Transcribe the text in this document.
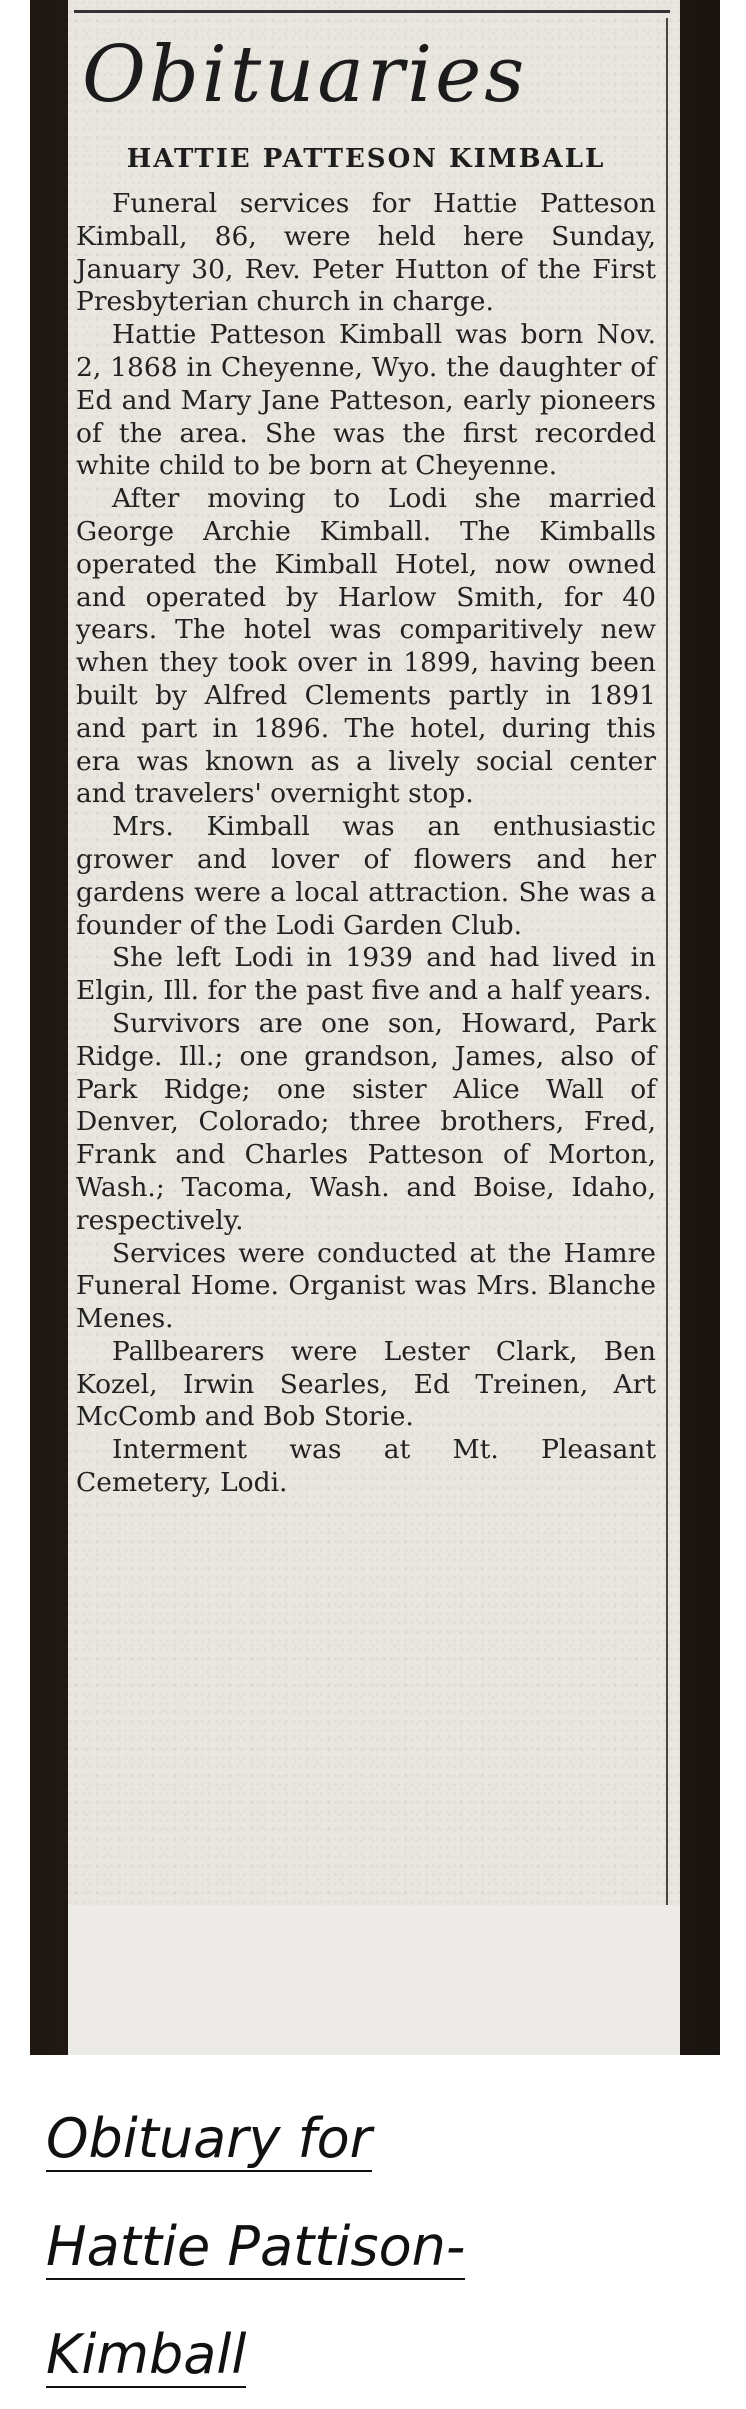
Obituaries
HATTIE PATTESON KIMBALL

Funeral services for Hattie Patteson Kimball, 86, were held here Sunday, January 30, Rev. Peter Hutton of the First Presbyterian church in charge.

Hattie Patteson Kimball was born Nov. 2, 1868 in Cheyenne, Wyo. the daughter of Ed and Mary Jane Patteson, early pioneers of the area. She was the first recorded white child to be born at Cheyenne.

After moving to Lodi she married George Archie Kimball. The Kimballs operated the Kimball Hotel, now owned and operated by Harlow Smith, for 40 years. The hotel was comparitively new when they took over in 1899, having been built by Alfred Clements partly in 1891 and part in 1896. The hotel, during this era was known as a lively social center and travelers' overnight stop.

Mrs. Kimball was an enthusiastic grower and lover of flowers and her gardens were a local attraction. She was a founder of the Lodi Garden Club.

She left Lodi in 1939 and had lived in Elgin, Ill. for the past five and a half years.

Survivors are one son, Howard, Park Ridge. Ill.; one grandson, James, also of Park Ridge; one sister Alice Wall of Denver, Colorado; three brothers, Fred, Frank and Charles Patteson of Morton, Wash.; Tacoma, Wash. and Boise, Idaho, respectively.

Services were conducted at the Hamre Funeral Home. Organist was Mrs. Blanche Menes.

Pallbearers were Lester Clark, Ben Kozel, Irwin Searles, Ed Treinen, Art McComb and Bob Storie.

Interment was at Mt. Pleasant Cemetery, Lodi.

Obituary for
Hattie Pattison-
Kimball
